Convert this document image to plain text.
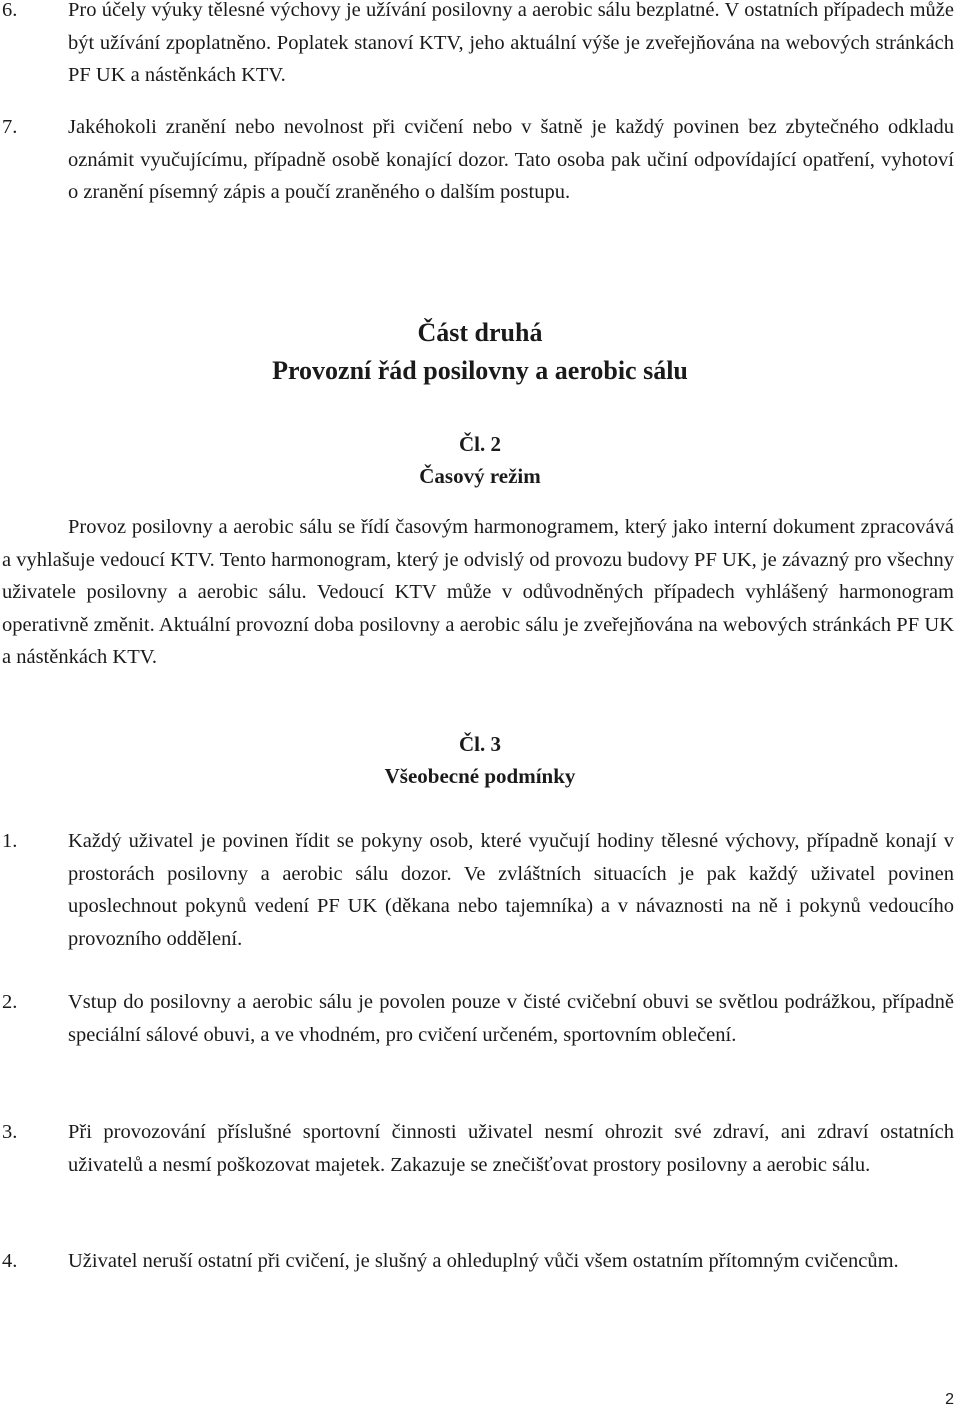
6. Pro účely výuky tělesné výchovy je užívání posilovny a aerobic sálu bezplatné. V ostatních případech může být užívání zpoplatněno. Poplatek stanoví KTV, jeho aktuální výše je zveřejňována na webových stránkách PF UK a nástěnkách KTV.
7. Jakéhokoli zranění nebo nevolnost při cvičení nebo v šatně je každý povinen bez zbytečného odkladu oznámit vyučujícímu, případně osobě konající dozor. Tato osoba pak učiní odpovídající opatření, vyhotoví o zranění písemný zápis a poučí zraněného o dalším postupu.
Část druhá
Provozní řád posilovny a aerobic sálu
Čl. 2
Časový režim
Provoz posilovny a aerobic sálu se řídí časovým harmonogramem, který jako interní dokument zpracovává a vyhlašuje vedoucí KTV. Tento harmonogram, který je odvislý od provozu budovy PF UK, je závazný pro všechny uživatele posilovny a aerobic sálu. Vedoucí KTV může v odůvodněných případech vyhlášený harmonogram operativně změnit. Aktuální provozní doba posilovny a aerobic sálu je zveřejňována na webových stránkách PF UK a nástěnkách KTV.
Čl. 3
Všeobecné podmínky
1. Každý uživatel je povinen řídit se pokyny osob, které vyučují hodiny tělesné výchovy, případně konají v prostorách posilovny a aerobic sálu dozor. Ve zvláštních situacích je pak každý uživatel povinen uposlechnout pokynů vedení PF UK (děkana nebo tajemníka) a v návaznosti na ně i pokynů vedoucího provozního oddělení.
2. Vstup do posilovny a aerobic sálu je povolen pouze v čisté cvičební obuvi se světlou podrážkou, případně speciální sálové obuvi, a ve vhodném, pro cvičení určeném, sportovním oblečení.
3. Při provozování příslušné sportovní činnosti uživatel nesmí ohrozit své zdraví, ani zdraví ostatních uživatelů a nesmí poškozovat majetek. Zakazuje se znečišťovat prostory posilovny a aerobic sálu.
4. Uživatel neruší ostatní při cvičení, je slušný a ohleduplný vůči všem ostatním přítomným cvičencům.
2
